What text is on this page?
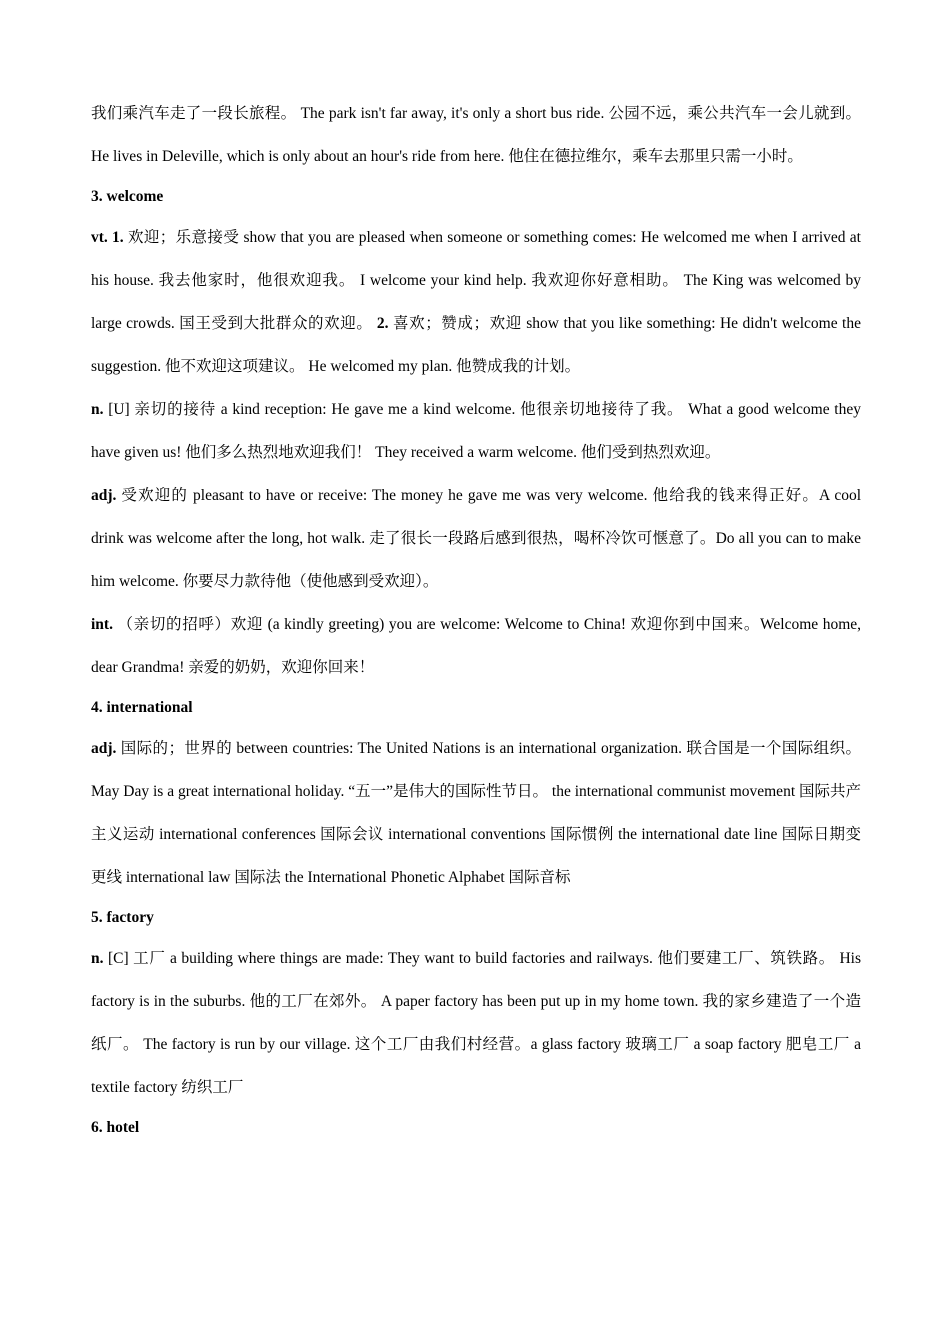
我们乘汽车走了一段长旅程。 The park isn't far away, it's only a short bus ride. 公园不远，乘公共汽车一会儿就到。 He lives in Deleville, which is only about an hour's ride from here. 他住在德拉维尔，乘车去那里只需一小时。

3. welcome

vt. 1. 欢迎；乐意接受 show that you are pleased when someone or something comes: He welcomed me when I arrived at his house. 我去他家时，他很欢迎我。 I welcome your kind help. 我欢迎你好意相助。 The King was welcomed by large crowds. 国王受到大批群众的欢迎。 2. 喜欢；赞成；欢迎 show that you like something: He didn't welcome the suggestion. 他不欢迎这项建议。 He welcomed my plan. 他赞成我的计划。

n. [U] 亲切的接待 a kind reception: He gave me a kind welcome. 他很亲切地接待了我。 What a good welcome they have given us! 他们多么热烈地欢迎我们！ They received a warm welcome. 他们受到热烈欢迎。

adj. 受欢迎的 pleasant to have or receive: The money he gave me was very welcome. 他给我的钱来得正好。A cool drink was welcome after the long, hot walk. 走了很长一段路后感到很热，喝杯冷饮可惬意了。Do all you can to make him welcome. 你要尽力款待他（使他感到受欢迎）。

int. （亲切的招呼）欢迎 (a kindly greeting) you are welcome: Welcome to China! 欢迎你到中国来。Welcome home, dear Grandma! 亲爱的奶奶，欢迎你回来！

4. international

adj. 国际的；世界的 between countries: The United Nations is an international organization. 联合国是一个国际组织。 May Day is a great international holiday. “五一”是伟大的国际性节日。 the international communist movement 国际共产主义运动 international conferences 国际会议 international conventions 国际惯例 the international date line 国际日期变更线 international law 国际法 the International Phonetic Alphabet 国际音标

5. factory

n. [C] 工厂 a building where things are made: They want to build factories and railways. 他们要建工厂、筑铁路。 His factory is in the suburbs. 他的工厂在郊外。 A paper factory has been put up in my home town. 我的家乡建造了一个造纸厂。 The factory is run by our village. 这个工厂由我们村经营。a glass factory 玻璃工厂 a soap factory 肥皂工厂 a textile factory 纺织工厂

6. hotel
